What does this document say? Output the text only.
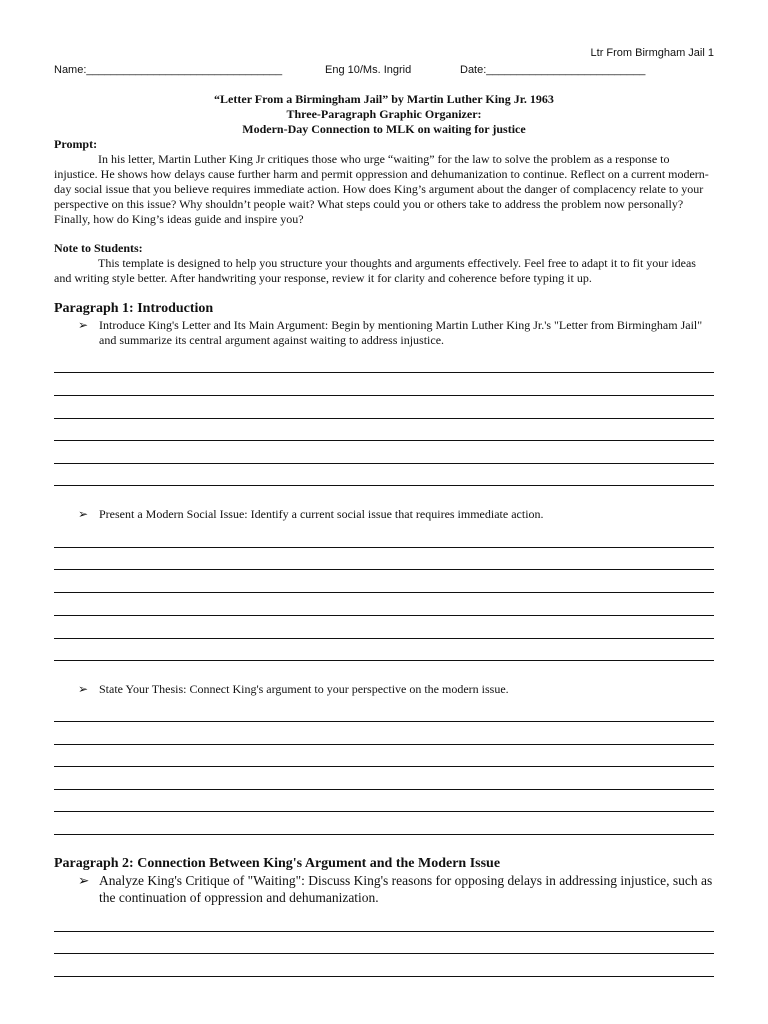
Ltr From Birmgham Jail 1
Name:________________________________	Eng 10/Ms. Ingrid	Date:__________________________
“Letter From a Birmingham Jail” by Martin Luther King Jr. 1963
Three-Paragraph Graphic Organizer:
Modern-Day Connection to MLK on waiting for justice
Prompt:
In his letter, Martin Luther King Jr critiques those who urge “waiting” for the law to solve the problem as a response to injustice. He shows how delays cause further harm and permit oppression and dehumanization to continue. Reflect on a current modern-day social issue that you believe requires immediate action. How does King’s argument about the danger of complacency relate to your perspective on this issue? Why shouldn’t people wait? What steps could you or others take to address the problem now personally? Finally, how do King’s ideas guide and inspire you?
Note to Students:
This template is designed to help you structure your thoughts and arguments effectively. Feel free to adapt it to fit your ideas and writing style better. After handwriting your response, review it for clarity and coherence before typing it up.
Paragraph 1: Introduction
➢ Introduce King's Letter and Its Main Argument: Begin by mentioning Martin Luther King Jr.'s "Letter from Birmingham Jail" and summarize its central argument against waiting to address injustice.
➢ Present a Modern Social Issue: Identify a current social issue that requires immediate action.
➢ State Your Thesis: Connect King's argument to your perspective on the modern issue.
Paragraph 2: Connection Between King's Argument and the Modern Issue
➢ Analyze King's Critique of "Waiting": Discuss King's reasons for opposing delays in addressing injustice, such as the continuation of oppression and dehumanization.
